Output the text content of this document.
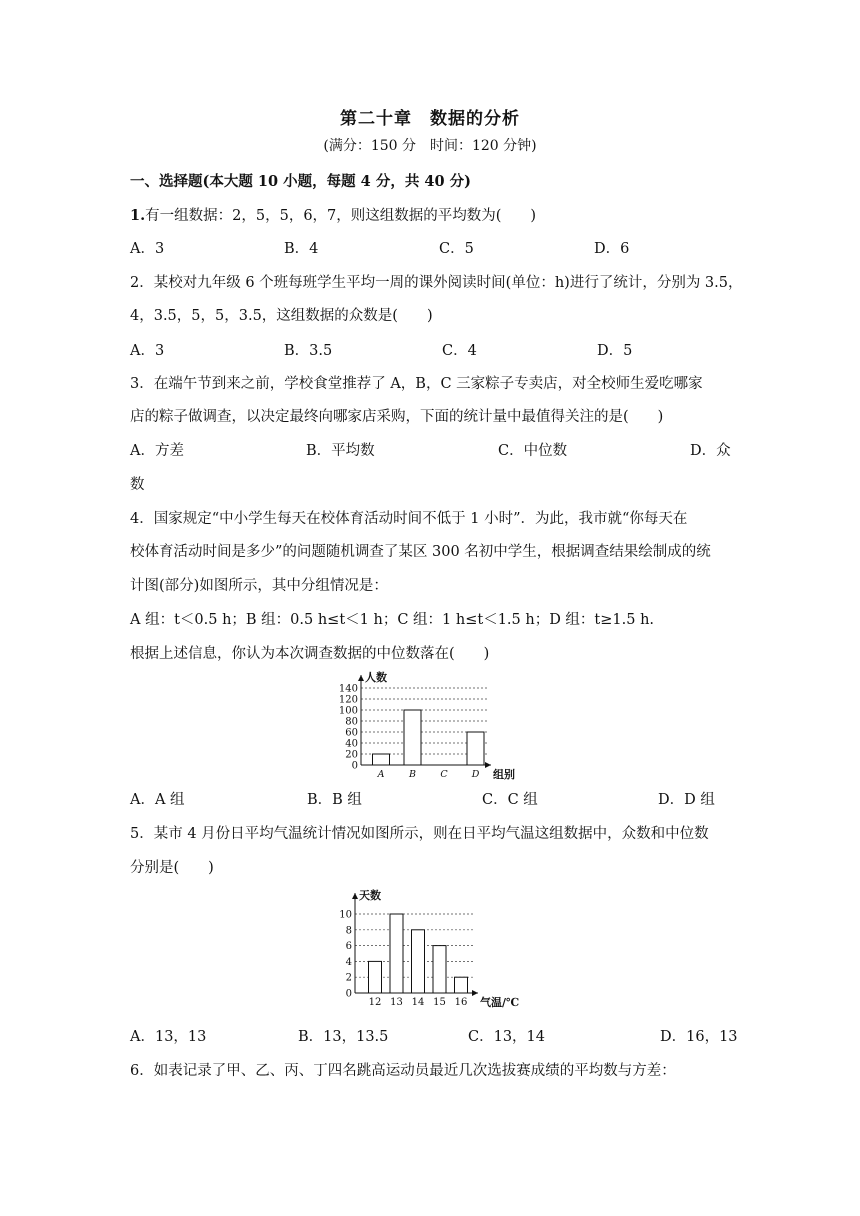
第二十章　数据的分析
(满分：150 分　时间：120 分钟)
一、选择题(本大题 10 小题，每题 4 分，共 40 分)
1.有一组数据：2，5，5，6，7，则这组数据的平均数为(　　)
A．3	B．4	C．5	D．6
2．某校对九年级 6 个班每班学生平均一周的课外阅读时间(单位：h)进行了统计，分别为 3.5，
4，3.5，5，5，3.5，这组数据的众数是(　　)
A．3	B．3.5	C．4	D．5
3．在端午节到来之前，学校食堂推荐了 A，B，C 三家粽子专卖店，对全校师生爱吃哪家
店的粽子做调查，以决定最终向哪家店采购，下面的统计量中最值得关注的是(　　)
A．方差	B．平均数	C．中位数	D．众
数
4．国家规定“中小学生每天在校体育活动时间不低于 1 小时”．为此，我市就“你每天在
校体育活动时间是多少”的问题随机调查了某区 300 名初中学生，根据调查结果绘制成的统
计图(部分)如图所示，其中分组情况是：
A 组：t＜0.5 h；B 组：0.5 h≤t＜1 h；C 组：1 h≤t＜1.5 h；D 组：t≥1.5 h.
根据上述信息，你认为本次调查数据的中位数落在(　　)
0
20
40
60
80
100
120
140
A	B	C	D
人数
组别
A．A 组	B．B 组	C．C 组	D．D 组
5．某市 4 月份日平均气温统计情况如图所示，则在日平均气温这组数据中，众数和中位数
分别是(　　)
0
2
4
6
8
10
12 13 14 15 16
天数
气温/℃
A．13，13	B．13，13.5	C．13，14	D．16，13
6．如表记录了甲、乙、丙、丁四名跳高运动员最近几次选拔赛成绩的平均数与方差：
